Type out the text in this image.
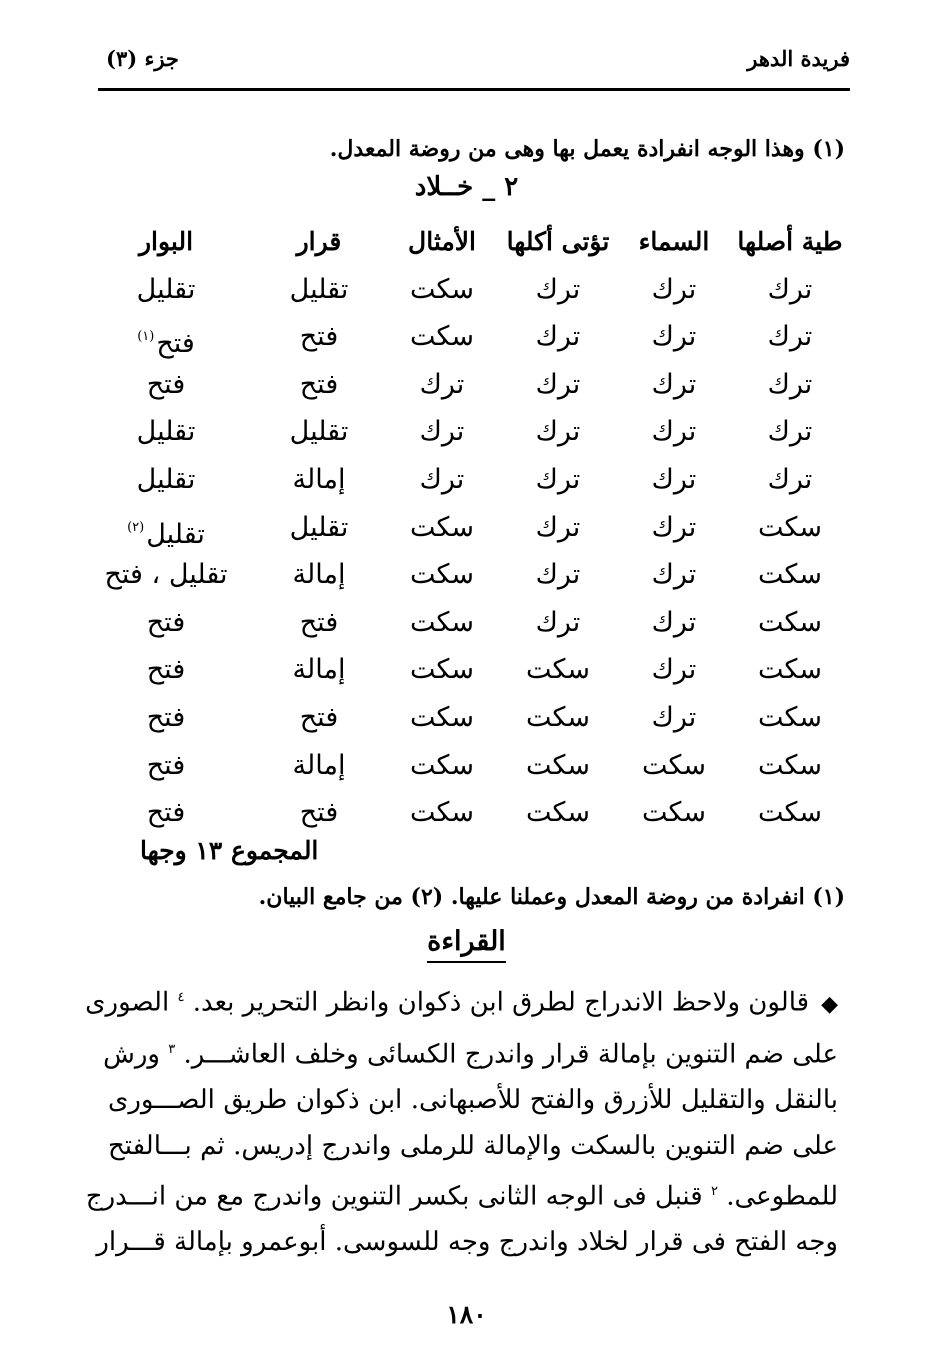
فريدة الدهر
جزء (٣)
(١) وهذا الوجه انفرادة يعمل بها وهى من روضة المعدل.
٢ _ خــلاد
طية أصلها
السماء
تؤتى أكلها
الأمثال
قرار
البوار
ترك
ترك
ترك
سكت
تقليل
تقليل
ترك
ترك
ترك
سكت
فتح
فتح$^{(١)}$
ترك
ترك
ترك
ترك
فتح
فتح
ترك
ترك
ترك
ترك
تقليل
تقليل
ترك
ترك
ترك
ترك
إمالة
تقليل
سكت
ترك
ترك
سكت
تقليل
تقليل$^{(٢)}$
سكت
ترك
ترك
سكت
إمالة
تقليل ، فتح
سكت
ترك
ترك
سكت
فتح
فتح
سكت
ترك
سكت
سكت
إمالة
فتح
سكت
ترك
سكت
سكت
فتح
فتح
سكت
سكت
سكت
سكت
إمالة
فتح
سكت
سكت
سكت
سكت
فتح
فتح
المجموع ١٣ وجها
(١) انفرادة من روضة المعدل وعملنا عليها. (٢) من جامع البيان.
القراءة
◆قالون ولاحظ الاندراج لطرق ابن ذكوان وانظر التحرير بعد. $^٤$ الصورى
على ضم التنوين بإمالة قرار واندرج الكسائى وخلف العاشـــر. $^٣$ ورش
بالنقل والتقليل للأزرق والفتح للأصبهانى. ابن ذكوان طريق الصـــورى
على ضم التنوين بالسكت والإمالة للرملى واندرج إدريس. ثم بـــالفتح
للمطوعى. $^٢$ قنبل فى الوجه الثانى بكسر التنوين واندرج مع من انـــدرج
وجه الفتح فى قرار لخلاد واندرج وجه للسوسى. أبوعمرو بإمالة قـــرار
١٨٠
